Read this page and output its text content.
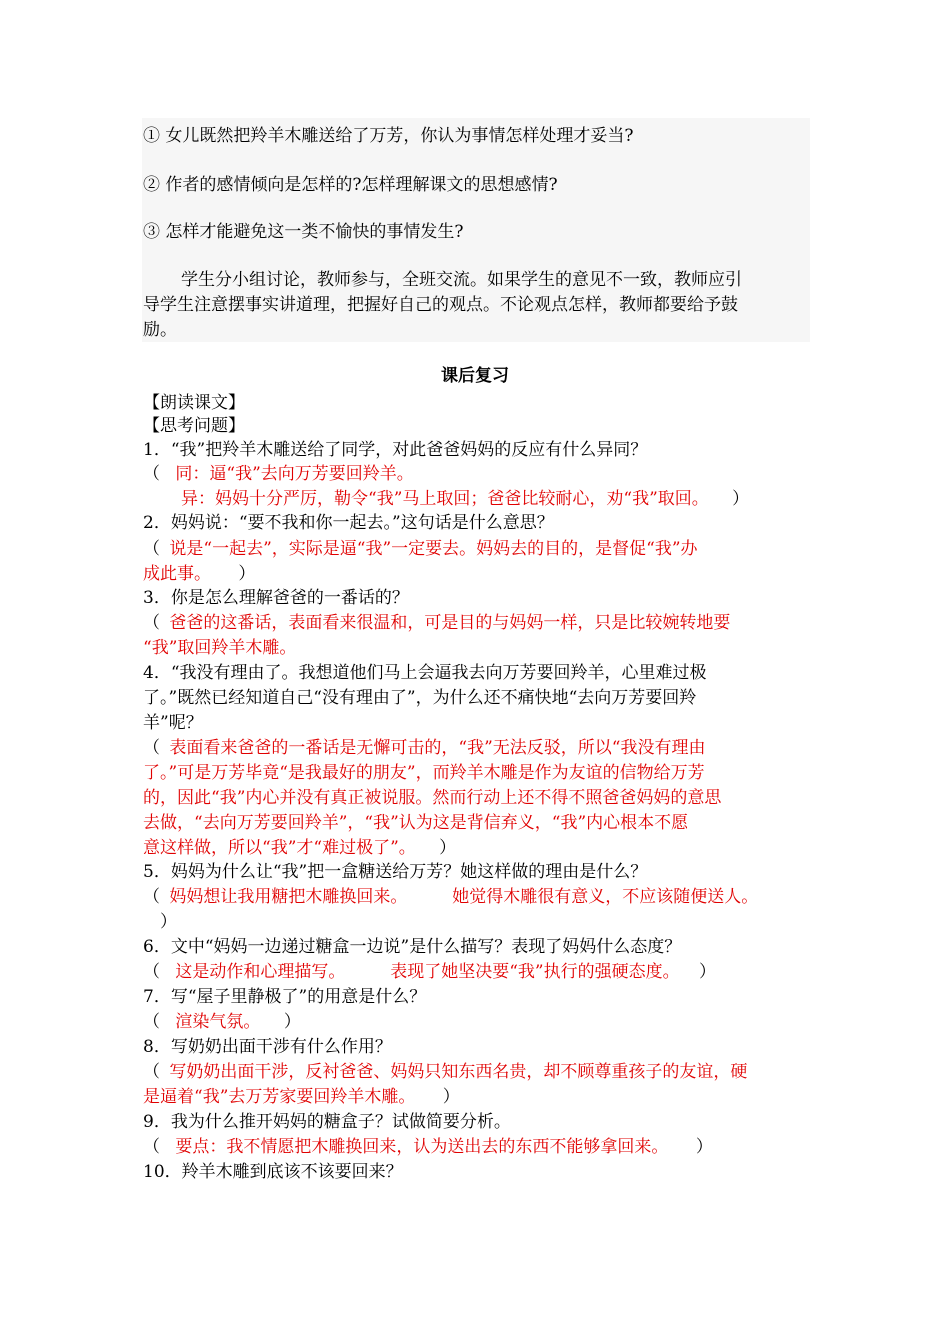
① 女儿既然把羚羊木雕送给了万芳，你认为事情怎样处理才妥当?
② 作者的感情倾向是怎样的?怎样理解课文的思想感情?
③ 怎样才能避免这一类不愉快的事情发生?
学生分小组讨论，教师参与，全班交流。如果学生的意见不一致，教师应引
导学生注意摆事实讲道理，把握好自己的观点。不论观点怎样，教师都要给予鼓
励。
课后复习
【朗读课文】
【思考问题】
1．“我”把羚羊木雕送给了同学，对此爸爸妈妈的反应有什么异同？
（ 同：逼“我”去向万芳要回羚羊。
异：妈妈十分严厉，勒令“我”马上取回；爸爸比较耐心，劝“我”取回。 ）
2．妈妈说：“要不我和你一起去。”这句话是什么意思？
（ 说是“一起去”，实际是逼“我”一定要去。妈妈去的目的，是督促“我”办
成此事。 ）
3．你是怎么理解爸爸的一番话的？
（ 爸爸的这番话，表面看来很温和，可是目的与妈妈一样，只是比较婉转地要
“我”取回羚羊木雕。
4．“我没有理由了。我想道他们马上会逼我去向万芳要回羚羊，心里难过极
了。”既然已经知道自己“没有理由了”，为什么还不痛快地“去向万芳要回羚
羊”呢？
（ 表面看来爸爸的一番话是无懈可击的，“我”无法反驳，所以“我没有理由
了。”可是万芳毕竟“是我最好的朋友”，而羚羊木雕是作为友谊的信物给万芳
的，因此“我”内心并没有真正被说服。然而行动上还不得不照爸爸妈妈的意思
去做，“去向万芳要回羚羊”，“我”认为这是背信弃义，“我”内心根本不愿
意这样做，所以“我”才“难过极了”。 ）
5．妈妈为什么让“我”把一盒糖送给万芳？她这样做的理由是什么？
（ 妈妈想让我用糖把木雕换回来。	她觉得木雕很有意义，不应该随便送人。
）
6．文中“妈妈一边递过糖盒一边说”是什么描写？表现了妈妈什么态度？
（ 这是动作和心理描写。	表现了她坚决要“我”执行的强硬态度。 ）
7．写“屋子里静极了”的用意是什么？
（ 渲染气氛。 ）
8．写奶奶出面干涉有什么作用？
（ 写奶奶出面干涉，反衬爸爸、妈妈只知东西名贵，却不顾尊重孩子的友谊，硬
是逼着“我”去万芳家要回羚羊木雕。 ）
9．我为什么推开妈妈的糖盒子？试做简要分析。
（ 要点：我不情愿把木雕换回来，认为送出去的东西不能够拿回来。 ）
10．羚羊木雕到底该不该要回来？
